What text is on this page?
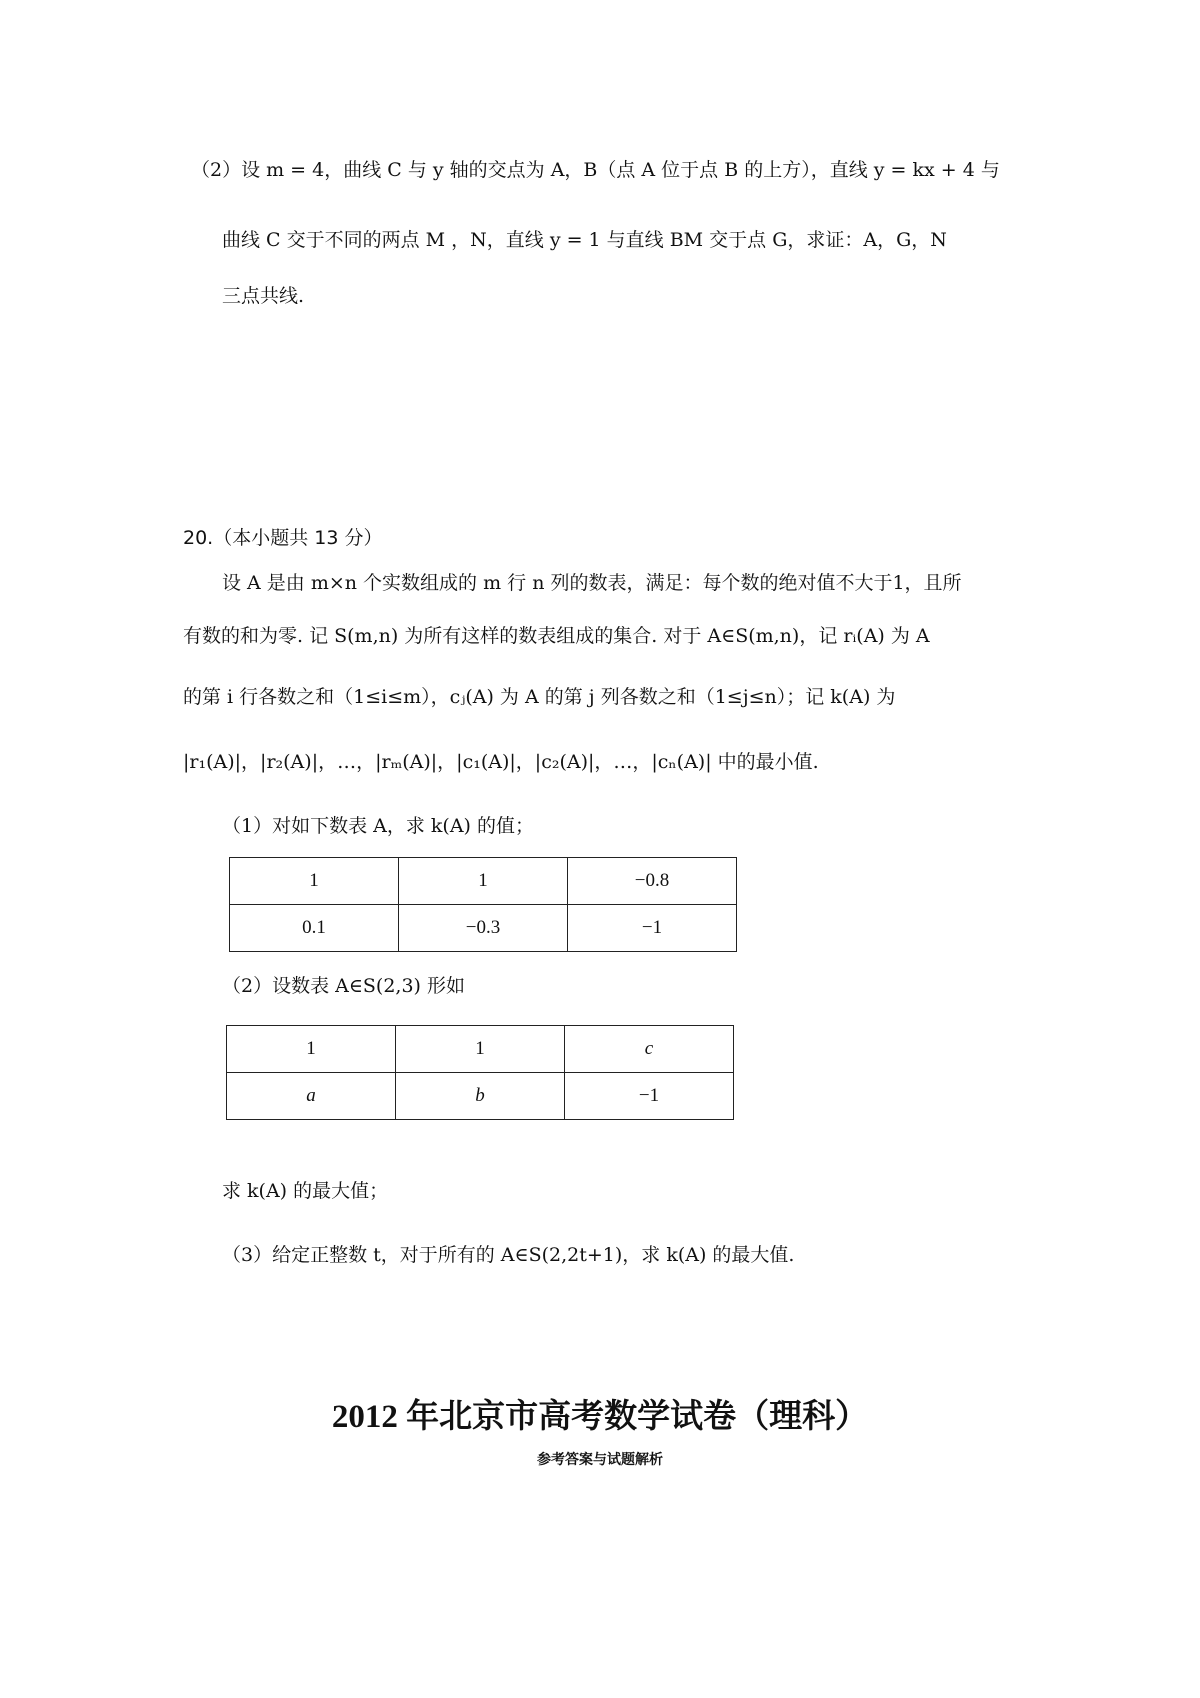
（2）设 m = 4，曲线 C 与 y 轴的交点为 A，B（点 A 位于点 B 的上方），直线 y = kx + 4 与

曲线 C 交于不同的两点 M ，N，直线 y = 1 与直线 BM 交于点 G，求证：A，G，N

三点共线.

20.（本小题共 13 分）

设 A 是由 m×n 个实数组成的 m 行 n 列的数表，满足：每个数的绝对值不大于1，且所

有数的和为零. 记 S(m,n) 为所有这样的数表组成的集合. 对于 A∈S(m,n)，记 rᵢ(A) 为 A

的第 i 行各数之和（1≤i≤m），cⱼ(A) 为 A 的第 j 列各数之和（1≤j≤n）；记 k(A) 为

|r₁(A)|，|r₂(A)|，…，|rₘ(A)|，|c₁(A)|，|c₂(A)|，…，|cₙ(A)| 中的最小值.

（1）对如下数表 A，求 k(A) 的值；

1	1	−0.8
0.1	−0.3	−1

（2）设数表 A∈S(2,3) 形如

1	1	c
a	b	−1

求 k(A) 的最大值；

（3）给定正整数 t，对于所有的 A∈S(2,2t+1)，求 k(A) 的最大值.

2012 年北京市高考数学试卷（理科）

参考答案与试题解析
